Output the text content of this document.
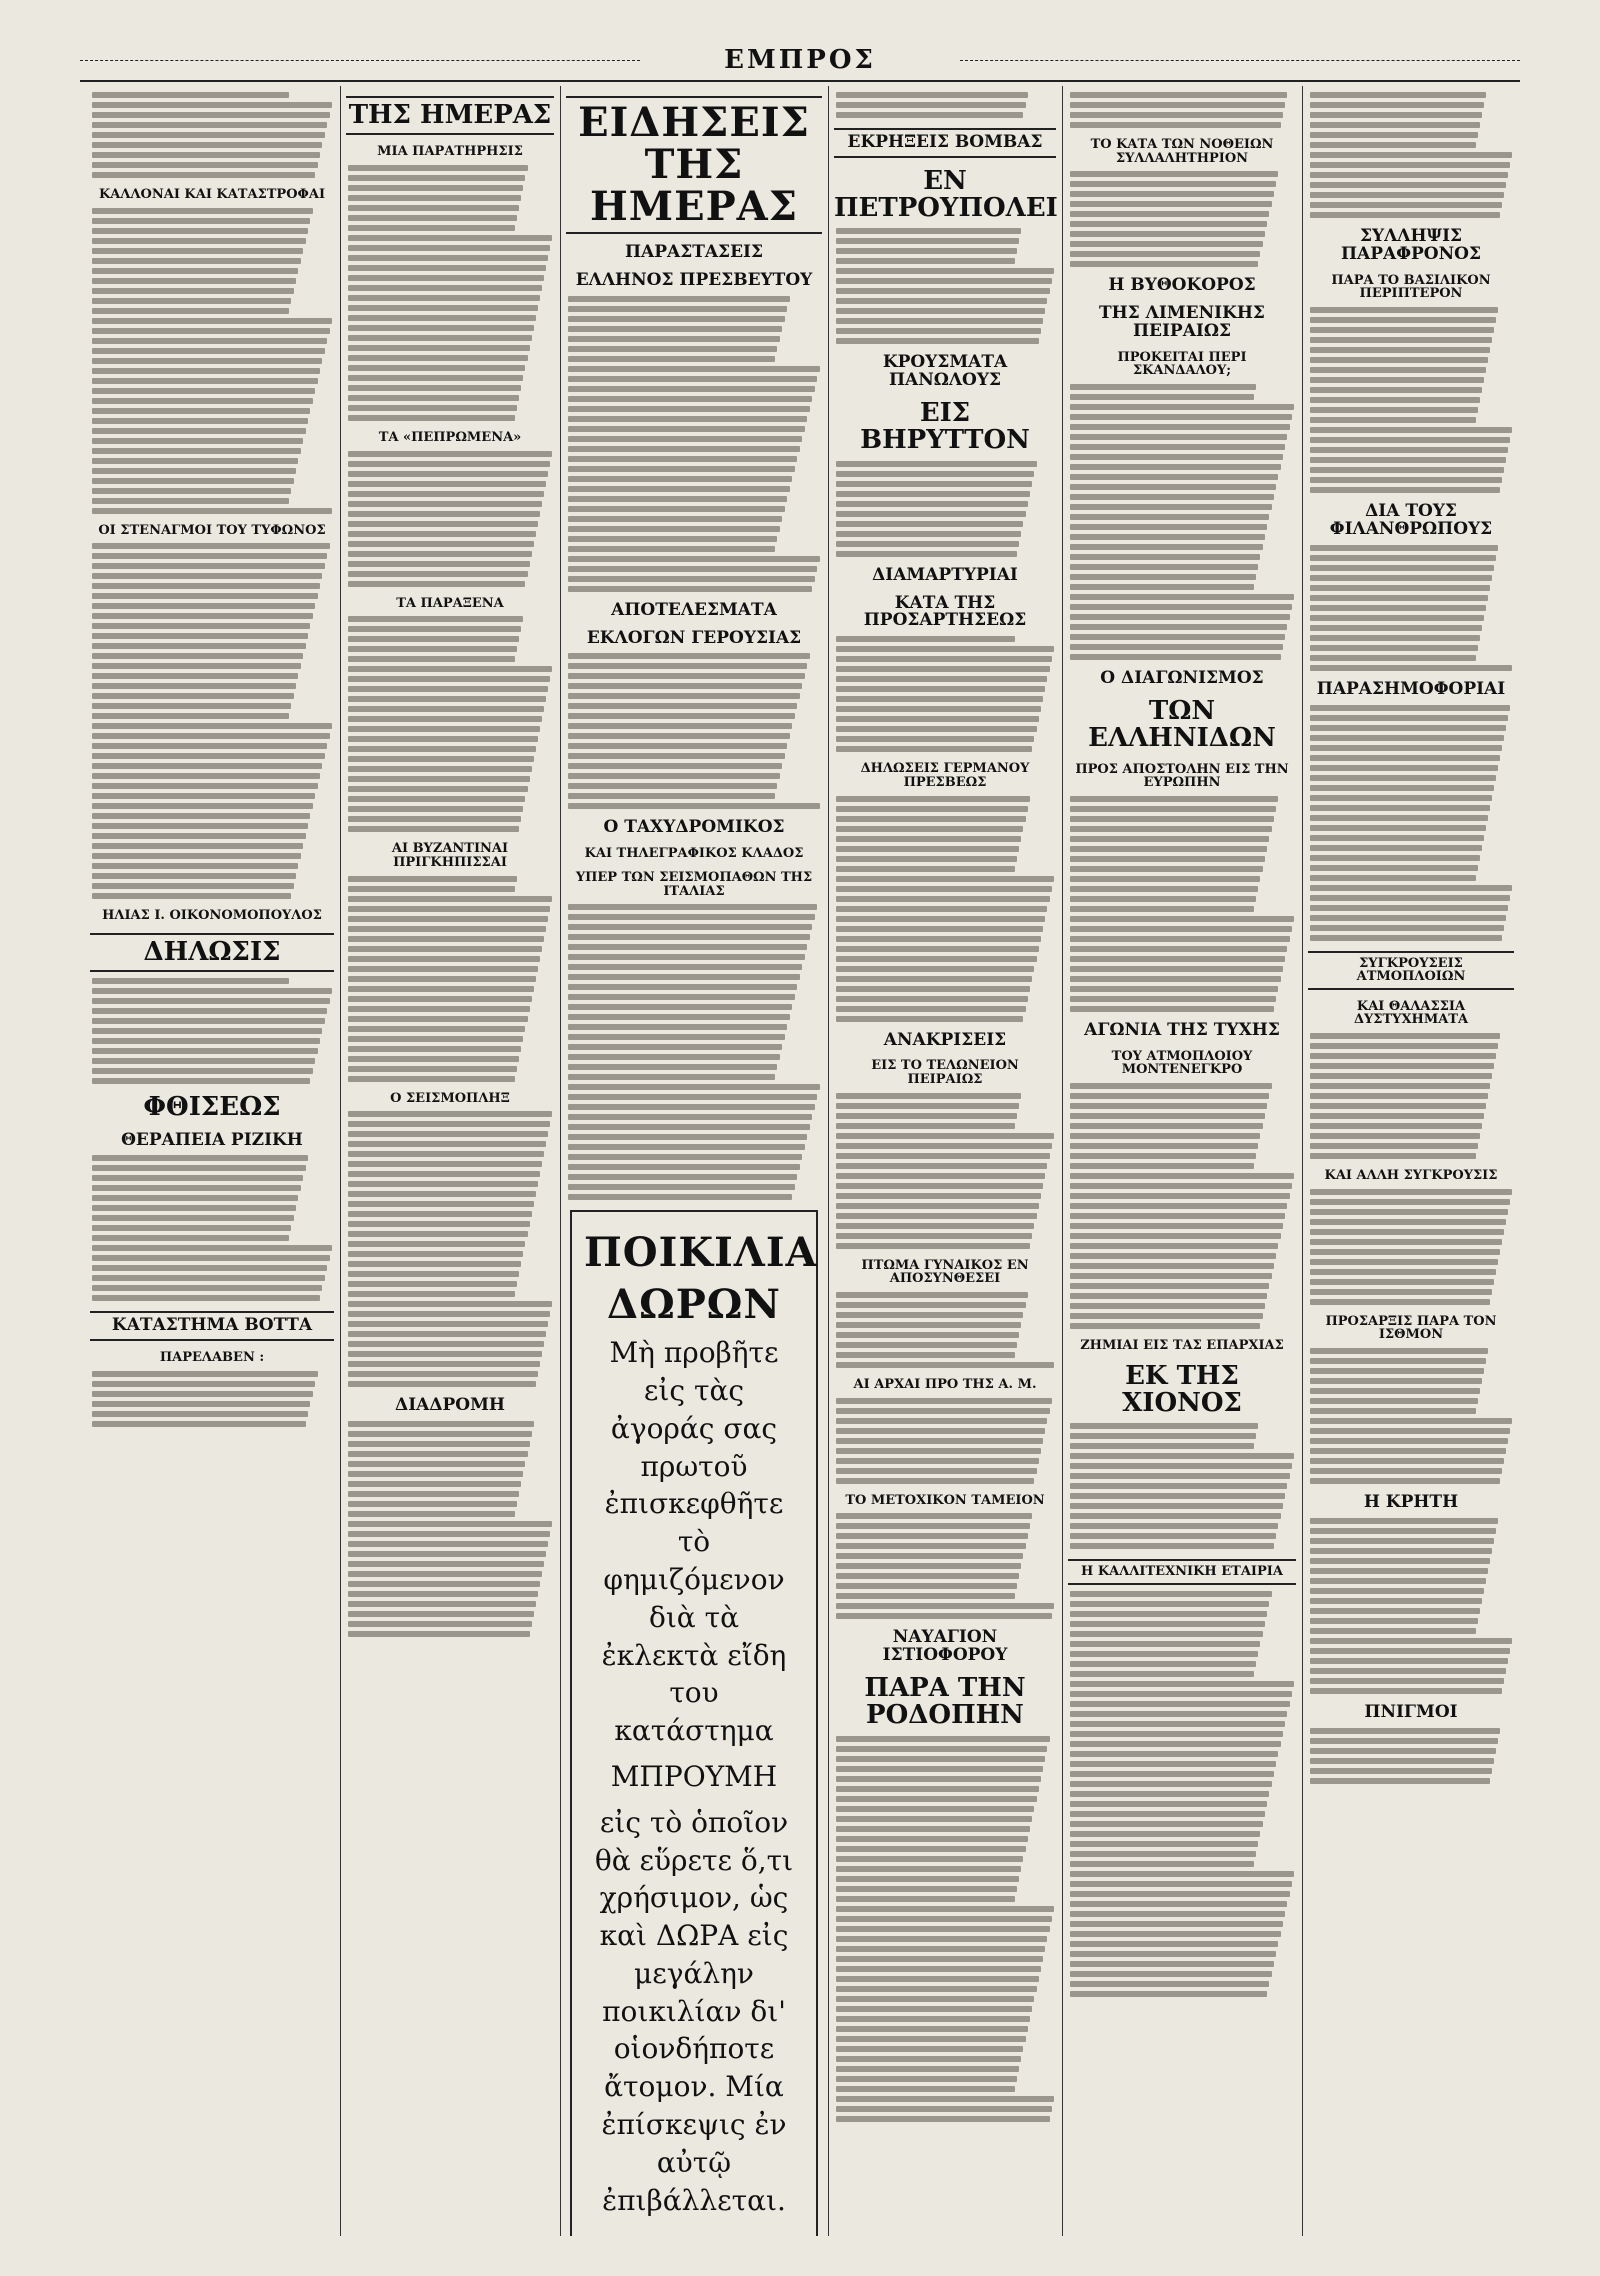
ΕΜΠΡΟΣ
ΚΑΛΛΟΝΑΙ ΚΑΙ ΚΑΤΑΣΤΡΟΦΑΙ
ΟΙ ΣΤΕΝΑΓΜΟΙ ΤΟΥ ΤΥΦΩΝΟΣ
ΗΛΙΑΣ Ι. ΟΙΚΟΝΟΜΟΠΟΥΛΟΣ
ΔΗΛΩΣΙΣ
ΦΘΙΣΕΩΣ
ΘΕΡΑΠΕΙΑ ΡΙΖΙΚΗ
ΚΑΤΑΣΤΗΜΑ ΒΟΤΤΑ
ΠΑΡΕΛΑΒΕΝ :
ΤΗΣ ΗΜΕΡΑΣ
ΜΙΑ ΠΑΡΑΤΗΡΗΣΙΣ
ΤΑ «ΠΕΠΡΩΜΕΝΑ»
ΤΑ ΠΑΡΑΞΕΝΑ
ΑΙ ΒΥΖΑΝΤΙΝΑΙ ΠΡΙΓΚΗΠΙΣΣΑΙ
Ο ΣΕΙΣΜΟΠΛΗΞ
ΔΙΑΔΡΟΜΗ
ΕΙΔΗΣΕΙΣ ΤΗΣ ΗΜΕΡΑΣ
ΠΑΡΑΣΤΑΣΕΙΣ
ΕΛΛΗΝΟΣ ΠΡΕΣΒΕΥΤΟΥ
ΑΠΟΤΕΛΕΣΜΑΤΑ
ΕΚΛΟΓΩΝ ΓΕΡΟΥΣΙΑΣ
Ο ΤΑΧΥΔΡΟΜΙΚΟΣ
ΚΑΙ ΤΗΛΕΓΡΑΦΙΚΟΣ ΚΛΑΔΟΣ
ΥΠΕΡ ΤΩΝ ΣΕΙΣΜΟΠΑΘΩΝ ΤΗΣ ΙΤΑΛΙΑΣ
ΠΟΙΚΙΛΙΑ
ΔΩΡΩΝ
Μὴ προβῆτε εἰς τὰς ἀγοράς σας πρωτοῦ ἐπισκεφθῆτε τὸ φημιζόμενον διὰ τὰ ἐκλεκτὰ εἴδη του κατάστημα
ΜΠΡΟΥΜΗ
εἰς τὸ ὁποῖον θὰ εὕρετε ὅ,τι χρήσιμον, ὡς καὶ ΔΩΡΑ εἰς μεγάλην ποικιλίαν δι' οἱονδήποτε ἄτομον. Μία ἐπίσκεψις ἐν αὐτῷ ἐπιβάλλεται.
ΕΚΡΗΞΕΙΣ ΒΟΜΒΑΣ
ΕΝ ΠΕΤΡΟΥΠΟΛΕΙ
ΚΡΟΥΣΜΑΤΑ ΠΑΝΩΛΟΥΣ
ΕΙΣ ΒΗΡΥΤΤΟΝ
ΔΙΑΜΑΡΤΥΡΙΑΙ
ΚΑΤΑ ΤΗΣ ΠΡΟΣΑΡΤΗΣΕΩΣ
ΔΗΛΩΣΕΙΣ ΓΕΡΜΑΝΟΥ ΠΡΕΣΒΕΩΣ
ΑΝΑΚΡΙΣΕΙΣ
ΕΙΣ ΤΟ ΤΕΛΩΝΕΙΟΝ ΠΕΙΡΑΙΩΣ
ΠΤΩΜΑ ΓΥΝΑΙΚΟΣ ΕΝ ΑΠΟΣΥΝΘΕΣΕΙ
ΑΙ ΑΡΧΑΙ ΠΡΟ ΤΗΣ Α. Μ.
ΤΟ ΜΕΤΟΧΙΚΟΝ ΤΑΜΕΙΟΝ
ΝΑΥΑΓΙΟΝ ΙΣΤΙΟΦΟΡΟΥ
ΠΑΡΑ ΤΗΝ ΡΟΔΟΠΗΝ
ΤΟ ΚΑΤΑ ΤΩΝ ΝΟΘΕΙΩΝ ΣΥΛΛΑΛΗΤΗΡΙΟΝ
Η ΒΥΘΟΚΟΡΟΣ
ΤΗΣ ΛΙΜΕΝΙΚΗΣ ΠΕΙΡΑΙΩΣ
ΠΡΟΚΕΙΤΑΙ ΠΕΡΙ ΣΚΑΝΔΑΛΟΥ;
Ο ΔΙΑΓΩΝΙΣΜΟΣ
ΤΩΝ ΕΛΛΗΝΙΔΩΝ
ΠΡΟΣ ΑΠΟΣΤΟΛΗΝ ΕΙΣ ΤΗΝ ΕΥΡΩΠΗΝ
ΑΓΩΝΙΑ ΤΗΣ ΤΥΧΗΣ
ΤΟΥ ΑΤΜΟΠΛΟΙΟΥ ΜΟΝΤΕΝΕΓΚΡΟ
ΖΗΜΙΑΙ ΕΙΣ ΤΑΣ ΕΠΑΡΧΙΑΣ
ΕΚ ΤΗΣ ΧΙΟΝΟΣ
Η ΚΑΛΛΙΤΕΧΝΙΚΗ ΕΤΑΙΡΙΑ
ΣΥΛΛΗΨΙΣ ΠΑΡΑΦΡΟΝΟΣ
ΠΑΡΑ ΤΟ ΒΑΣΙΛΙΚΟΝ ΠΕΡΙΠΤΕΡΟΝ
ΔΙΑ ΤΟΥΣ ΦΙΛΑΝΘΡΩΠΟΥΣ
ΠΑΡΑΣΗΜΟΦΟΡΙΑΙ
ΣΥΓΚΡΟΥΣΕΙΣ ΑΤΜΟΠΛΟΙΩΝ
ΚΑΙ ΘΑΛΑΣΣΙΑ ΔΥΣΤΥΧΗΜΑΤΑ
ΚΑΙ ΑΛΛΗ ΣΥΓΚΡΟΥΣΙΣ
ΠΡΟΣΑΡΞΙΣ ΠΑΡΑ ΤΟΝ ΙΣΘΜΟΝ
Η ΚΡΗΤΗ
ΠΝΙΓΜΟΙ
